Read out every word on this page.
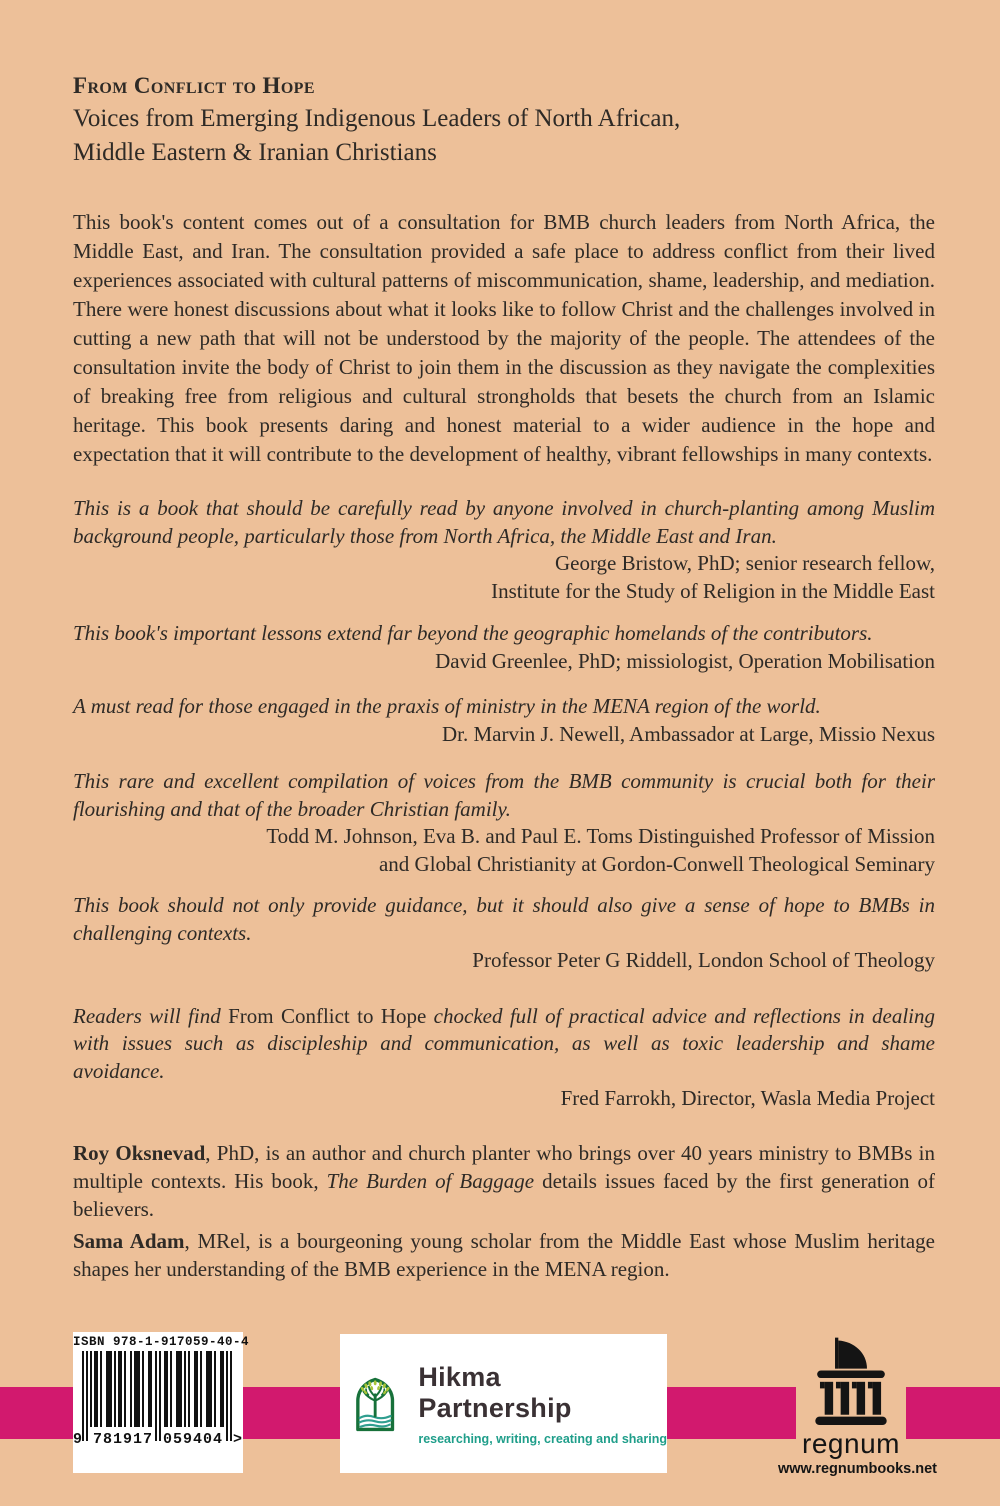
From Conflict to Hope
Voices from Emerging Indigenous Leaders of North African,
Middle Eastern & Iranian Christians
This book's content comes out of a consultation for BMB church leaders from North Africa, the Middle East, and Iran. The consultation provided a safe place to address conflict from their lived experiences associated with cultural patterns of miscommunication, shame, leadership, and mediation. There were honest discussions about what it looks like to follow Christ and the challenges involved in cutting a new path that will not be understood by the majority of the people. The attendees of the consultation invite the body of Christ to join them in the discussion as they navigate the complexities of breaking free from religious and cultural strongholds that besets the church from an Islamic heritage. This book presents daring and honest material to a wider audience in the hope and expectation that it will contribute to the development of healthy, vibrant fellowships in many contexts.
This is a book that should be carefully read by anyone involved in church-planting among Muslim background people, particularly those from North Africa, the Middle East and Iran.
George Bristow, PhD; senior research fellow,
Institute for the Study of Religion in the Middle East
This book's important lessons extend far beyond the geographic homelands of the contributors.
David Greenlee, PhD; missiologist, Operation Mobilisation
A must read for those engaged in the praxis of ministry in the MENA region of the world.
Dr. Marvin J. Newell, Ambassador at Large, Missio Nexus
This rare and excellent compilation of voices from the BMB community is crucial both for their flourishing and that of the broader Christian family.
Todd M. Johnson, Eva B. and Paul E. Toms Distinguished Professor of Mission
and Global Christianity at Gordon-Conwell Theological Seminary
This book should not only provide guidance, but it should also give a sense of hope to BMBs in challenging contexts.
Professor Peter G Riddell, London School of Theology
Readers will find From Conflict to Hope chocked full of practical advice and reflections in dealing with issues such as discipleship and communication, as well as toxic leadership and shame avoidance.
Fred Farrokh, Director, Wasla Media Project
Roy Oksnevad, PhD, is an author and church planter who brings over 40 years ministry to BMBs in multiple contexts. His book, The Burden of Baggage details issues faced by the first generation of believers.
Sama Adam, MRel, is a bourgeoning young scholar from the Middle East whose Muslim heritage shapes her understanding of the BMB experience in the MENA region.
ISBN 978-1-917059-40-4
9 781917 059404 >
Hikma
Partnership
researching, writing, creating and sharing	regnum
www.regnumbooks.net
